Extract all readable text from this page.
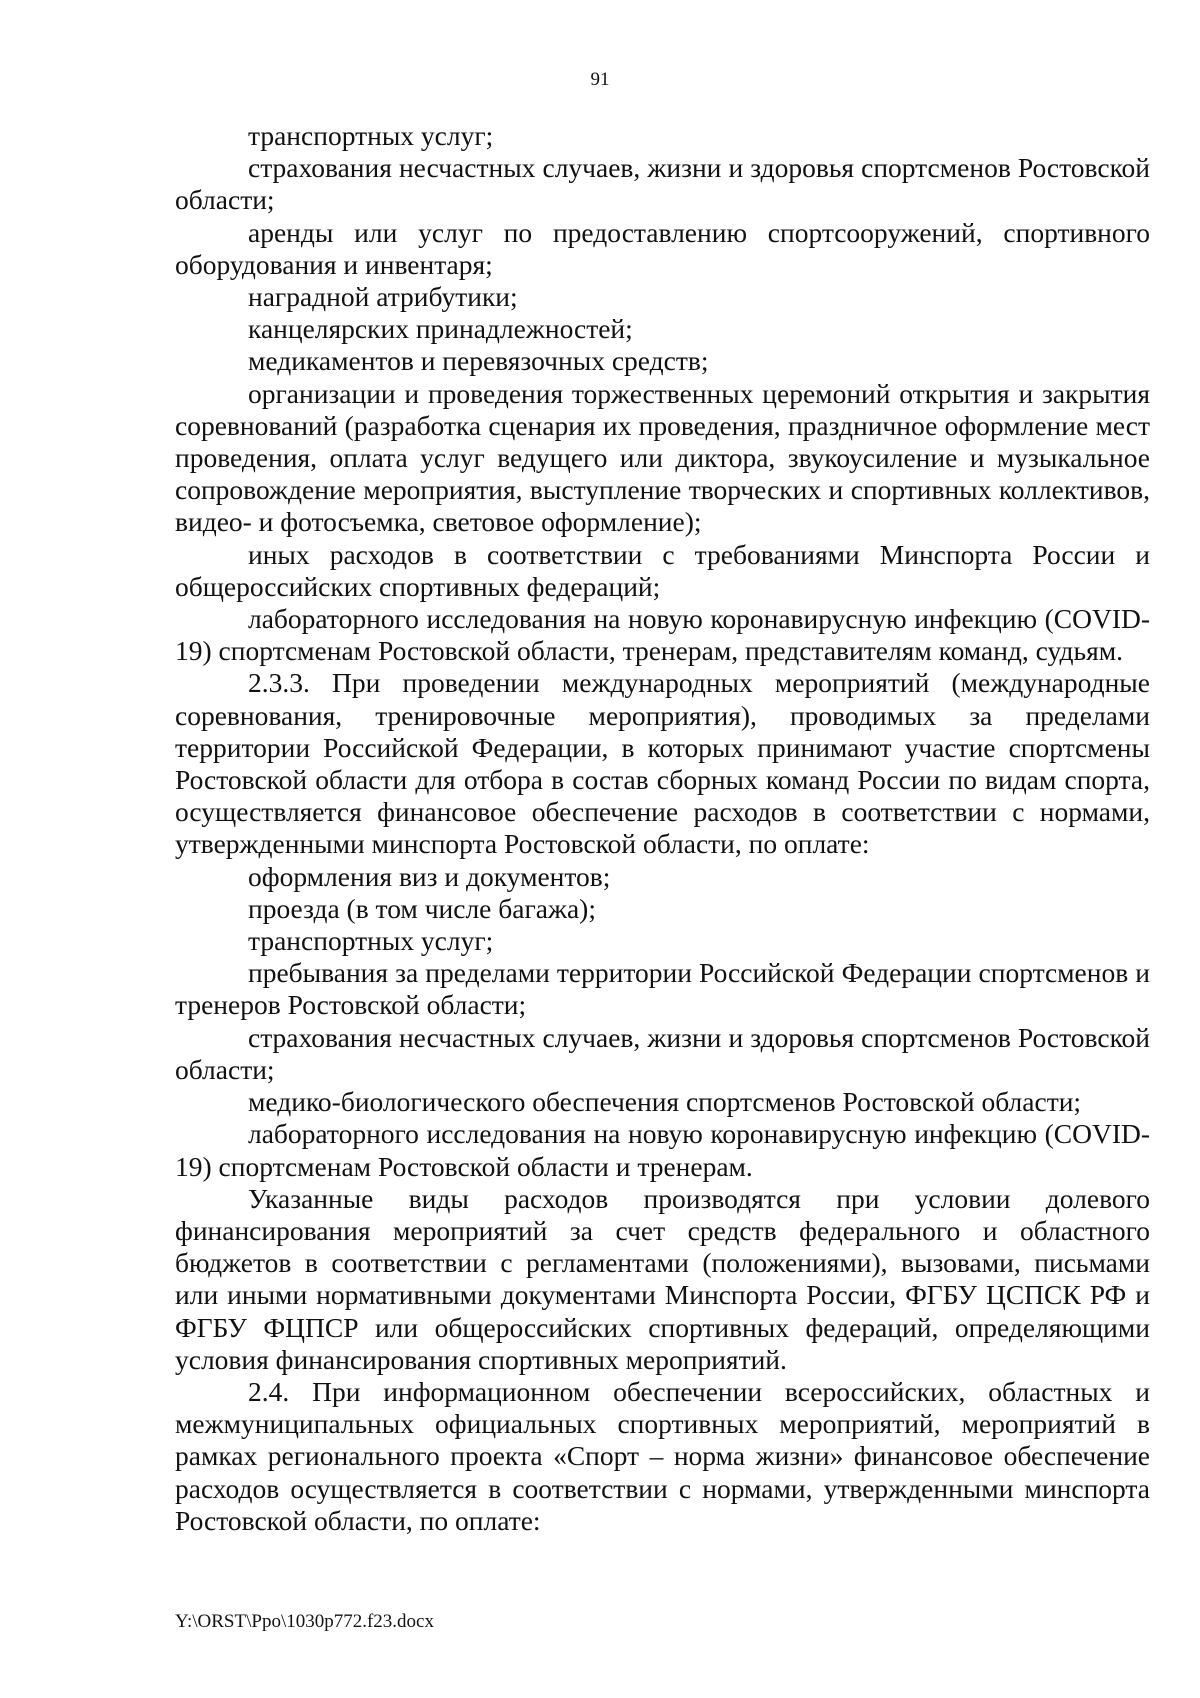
91

транспортных услуг;

страхования несчастных случаев, жизни и здоровья спортсменов Ростовской области;

аренды или услуг по предоставлению спортсооружений, спортивного оборудования и инвентаря;

наградной атрибутики;

канцелярских принадлежностей;

медикаментов и перевязочных средств;

организации и проведения торжественных церемоний открытия и закрытия соревнований (разработка сценария их проведения, праздничное оформление мест проведения, оплата услуг ведущего или диктора, звукоусиление и музыкальное сопровождение мероприятия, выступление творческих и спортивных коллективов, видео- и фотосъемка, световое оформление);

иных расходов в соответствии с требованиями Минспорта России и общероссийских спортивных федераций;

лабораторного исследования на новую коронавирусную инфекцию (COVID-19) спортсменам Ростовской области, тренерам, представителям команд, судьям.

2.3.3. При проведении международных мероприятий (международные соревнования, тренировочные мероприятия), проводимых за пределами территории Российской Федерации, в которых принимают участие спортсмены Ростовской области для отбора в состав сборных команд России по видам спорта, осуществляется финансовое обеспечение расходов в соответствии с нормами, утвержденными минспорта Ростовской области, по оплате:

оформления виз и документов;

проезда (в том числе багажа);

транспортных услуг;

пребывания за пределами территории Российской Федерации спортсменов и тренеров Ростовской области;

страхования несчастных случаев, жизни и здоровья спортсменов Ростовской области;

медико-биологического обеспечения спортсменов Ростовской области;

лабораторного исследования на новую коронавирусную инфекцию (COVID-19) спортсменам Ростовской области и тренерам.

Указанные виды расходов производятся при условии долевого финансирования мероприятий за счет средств федерального и областного бюджетов в соответствии с регламентами (положениями), вызовами, письмами или иными нормативными документами Минспорта России, ФГБУ ЦСПСК РФ и ФГБУ ФЦПСР или общероссийских спортивных федераций, определяющими условия финансирования спортивных мероприятий.

2.4. При информационном обеспечении всероссийских, областных и межмуниципальных официальных спортивных мероприятий, мероприятий в рамках регионального проекта «Спорт – норма жизни» финансовое обеспечение расходов осуществляется в соответствии с нормами, утвержденными минспорта Ростовской области, по оплате:

Y:\ORST\Ppo\1030p772.f23.docx
